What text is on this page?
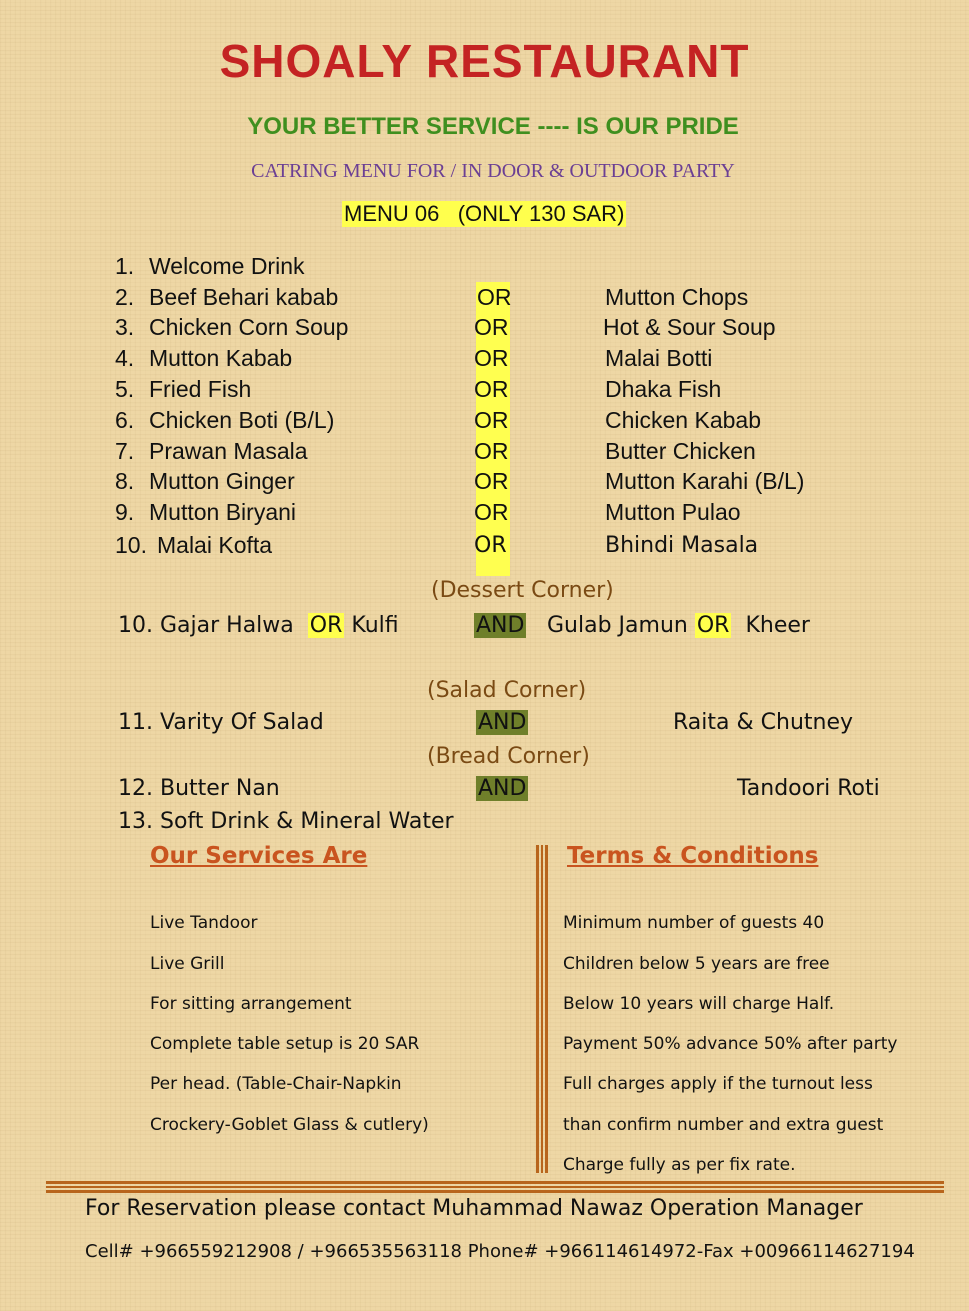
SHOALY RESTAURANT
YOUR BETTER SERVICE ---- IS OUR PRIDE
CATRING MENU FOR / IN DOOR & OUTDOOR PARTY
MENU 06   (ONLY 130 SAR)
1. Welcome Drink
2. Beef Behari kabab	OR	Mutton Chops
3. Chicken Corn Soup	OR	Hot & Sour Soup
4. Mutton Kabab	OR	Malai Botti
5. Fried Fish	OR	Dhaka Fish
6. Chicken Boti (B/L)	OR	Chicken Kabab
7. Prawan Masala	OR	Butter Chicken
8. Mutton Ginger	OR	Mutton Karahi (B/L)
9. Mutton Biryani	OR	Mutton Pulao
10. Malai Kofta	OR	Bhindi Masala
(Dessert Corner)
10. Gajar Halwa OR Kulfi	AND Gulab Jamun OR Kheer
(Salad Corner)
11. Varity Of Salad	AND	Raita & Chutney
(Bread Corner)
12. Butter Nan	AND	Tandoori Roti
13. Soft Drink & Mineral Water
Our Services Are
Live Tandoor
Live Grill
For sitting arrangement
Complete table setup is 20 SAR
Per head. (Table-Chair-Napkin
Crockery-Goblet Glass & cutlery)
Terms & Conditions
Minimum number of guests 40
Children below 5 years are free
Below 10 years will charge Half.
Payment 50% advance 50% after party
Full charges apply if the turnout less
than confirm number and extra guest
Charge fully as per fix rate.
For Reservation please contact Muhammad Nawaz Operation Manager
Cell# +966559212908 / +966535563118 Phone# +966114614972-Fax +00966114627194
